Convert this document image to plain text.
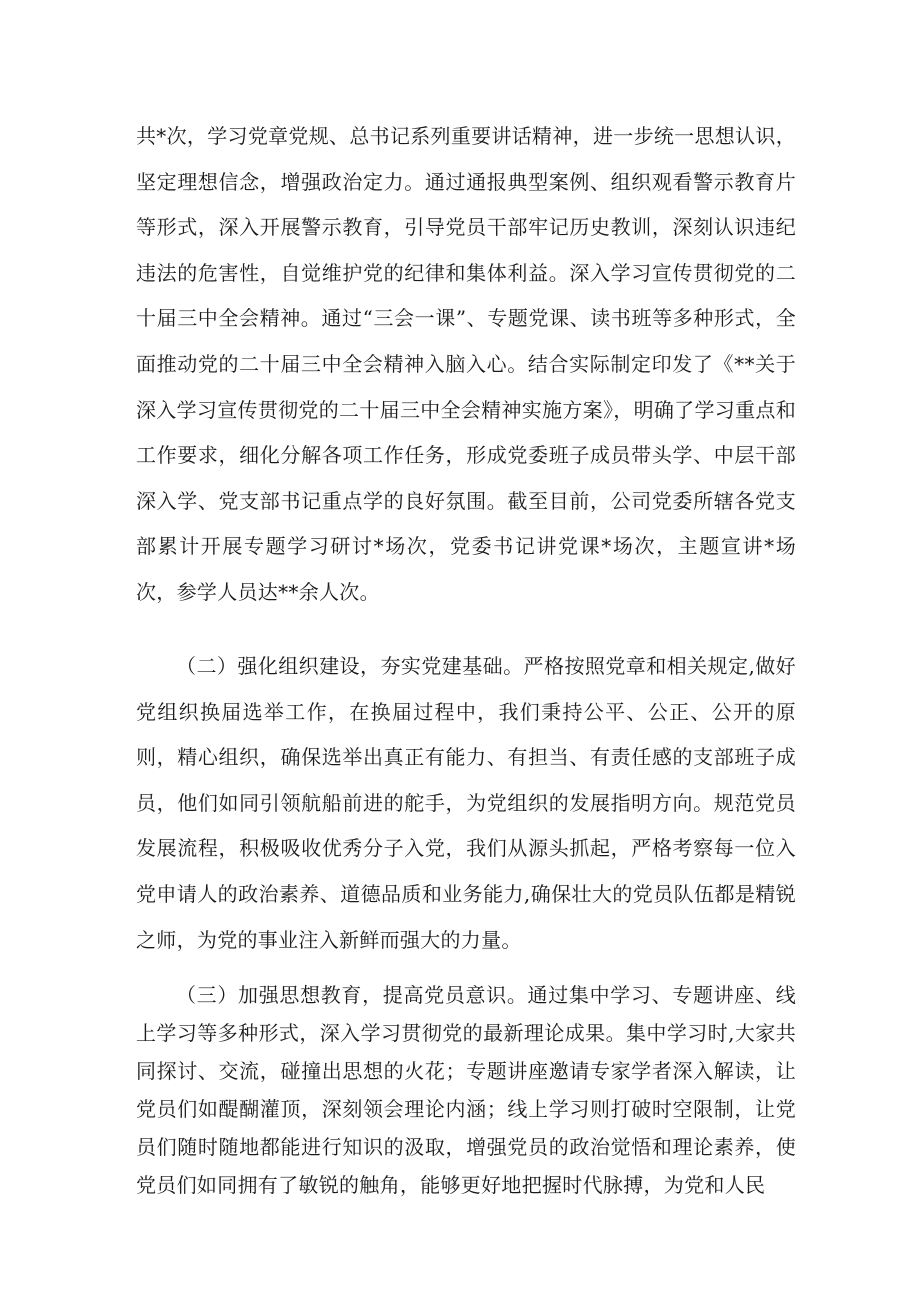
共*次，学习党章党规、总书记系列重要讲话精神，进一步统一思想认识，坚定理想信念，增强政治定力。通过通报典型案例、组织观看警示教育片等形式，深入开展警示教育，引导党员干部牢记历史教训，深刻认识违纪违法的危害性，自觉维护党的纪律和集体利益。深入学习宣传贯彻党的二十届三中全会精神。通过“三会一课”、专题党课、读书班等多种形式，全面推动党的二十届三中全会精神入脑入心。结合实际制定印发了《**关于深入学习宣传贯彻党的二十届三中全会精神实施方案》，明确了学习重点和工作要求，细化分解各项工作任务，形成党委班子成员带头学、中层干部深入学、党支部书记重点学的良好氛围。截至目前，公司党委所辖各党支部累计开展专题学习研讨*场次，党委书记讲党课*场次，主题宣讲*场次，参学人员达**余人次。

（二）强化组织建设，夯实党建基础。严格按照党章和相关规定,做好党组织换届选举工作，在换届过程中，我们秉持公平、公正、公开的原则，精心组织，确保选举出真正有能力、有担当、有责任感的支部班子成员，他们如同引领航船前进的舵手，为党组织的发展指明方向。规范党员发展流程，积极吸收优秀分子入党，我们从源头抓起，严格考察每一位入党申请人的政治素养、道德品质和业务能力,确保壮大的党员队伍都是精锐之师，为党的事业注入新鲜而强大的力量。

（三）加强思想教育，提高党员意识。通过集中学习、专题讲座、线上学习等多种形式，深入学习贯彻党的最新理论成果。集中学习时,大家共同探讨、交流，碰撞出思想的火花；专题讲座邀请专家学者深入解读，让党员们如醍醐灌顶，深刻领会理论内涵；线上学习则打破时空限制，让党员们随时随地都能进行知识的汲取，增强党员的政治觉悟和理论素养，使党员们如同拥有了敏锐的触角，能够更好地把握时代脉搏，为党和人民
